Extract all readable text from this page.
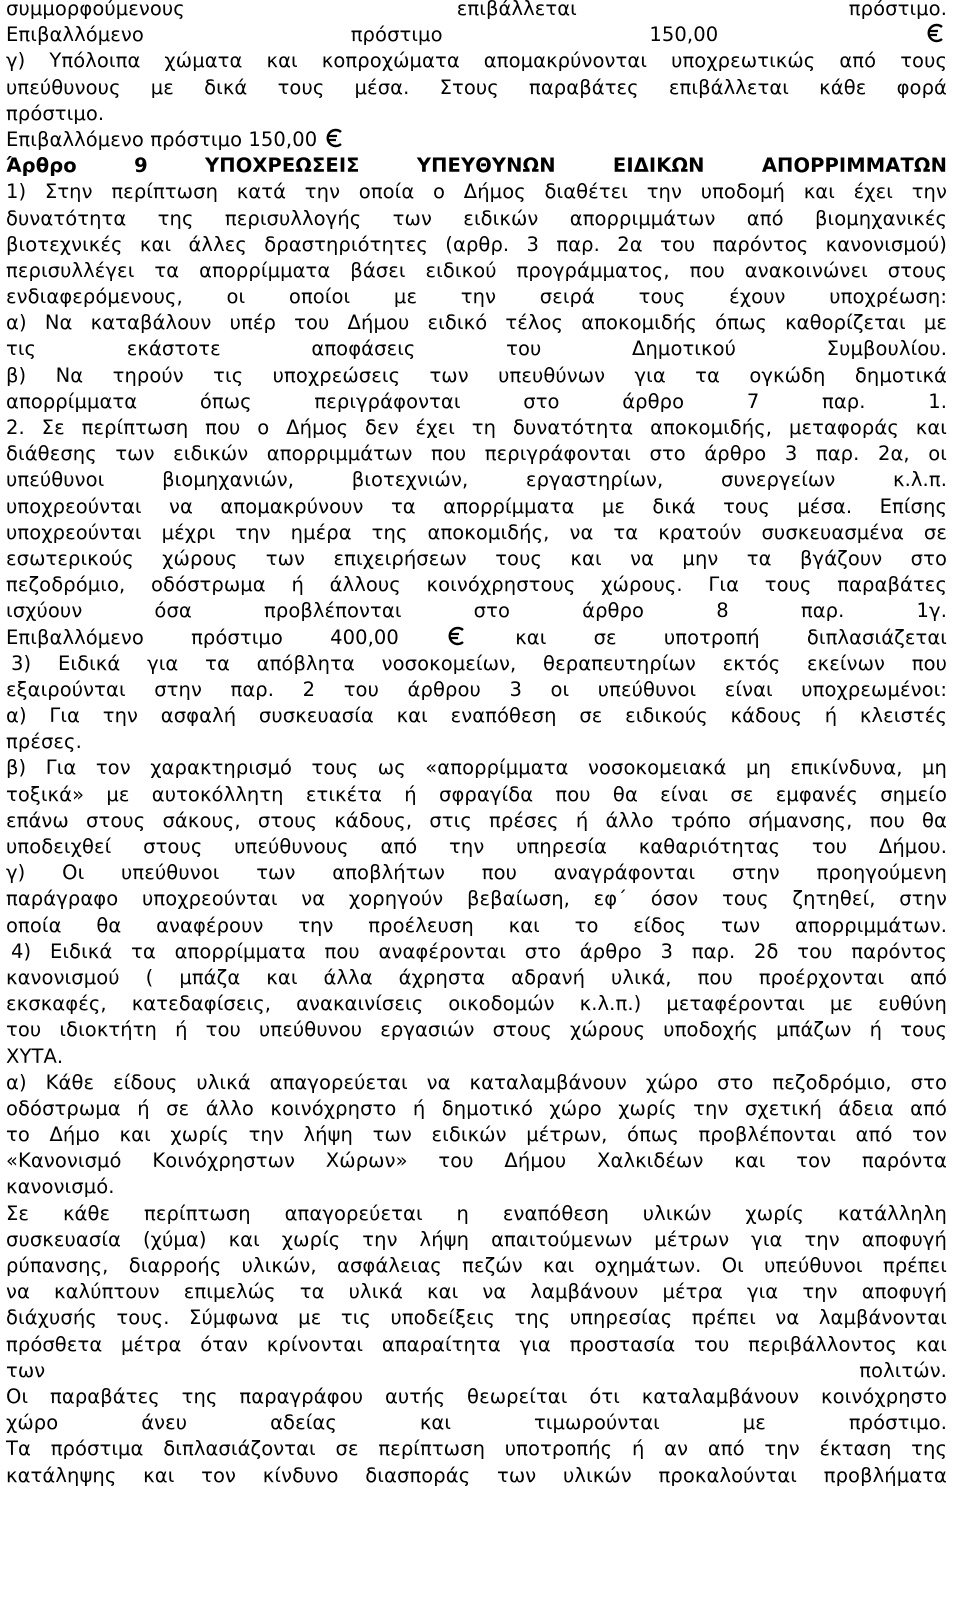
συμμορφούμενους επιβάλλεται πρόστιμο.
Επιβαλλόμενο πρόστιμο 150,00
γ) Υπόλοιπα χώματα και κοπροχώματα απομακρύνονται υποχρεωτικώς από τους
υπεύθυνους με δικά τους μέσα. Στους παραβάτες επιβάλλεται κάθε φορά
πρόστιμο.
Επιβαλλόμενο πρόστιμο 150,00
Άρθρο 9 ΥΠΟΧΡΕΩΣΕΙΣ ΥΠΕΥΘΥΝΩΝ ΕΙΔΙΚΩΝ ΑΠΟΡΡΙΜΜΑΤΩΝ
1) Στην περίπτωση κατά την οποία ο Δήμος διαθέτει την υποδομή και έχει την
δυνατότητα της περισυλλογής των ειδικών απορριμμάτων από βιομηχανικές
βιοτεχνικές και άλλες δραστηριότητες (αρθρ. 3 παρ. 2α του παρόντος κανονισμού)
περισυλλέγει τα απορρίμματα βάσει ειδικού προγράμματος, που ανακοινώνει στους
ενδιαφερόμενους, οι οποίοι με την σειρά τους έχουν υποχρέωση:
α) Να καταβάλουν υπέρ του Δήμου ειδικό τέλος αποκομιδής όπως καθορίζεται με
τις εκάστοτε αποφάσεις του Δημοτικού Συμβουλίου.
β) Να τηρούν τις υποχρεώσεις των υπευθύνων για τα ογκώδη δημοτικά
απορρίμματα όπως περιγράφονται στο άρθρο 7 παρ. 1.
2. Σε περίπτωση που ο Δήμος δεν έχει τη δυνατότητα αποκομιδής, μεταφοράς και
διάθεσης των ειδικών απορριμμάτων που περιγράφονται στο άρθρο 3 παρ. 2α, οι
υπεύθυνοι βιομηχανιών, βιοτεχνιών, εργαστηρίων, συνεργείων κ.λ.π.
υποχρεούνται να απομακρύνουν τα απορρίμματα με δικά τους μέσα. Επίσης
υποχρεούνται μέχρι την ημέρα της αποκομιδής, να τα κρατούν συσκευασμένα σε
εσωτερικούς χώρους των επιχειρήσεων τους και να μην τα βγάζουν στο
πεζοδρόμιο, οδόστρωμα ή άλλους κοινόχρηστους χώρους. Για τους παραβάτες
ισχύουν όσα προβλέπονται στο άρθρο 8 παρ. 1γ.
Επιβαλλόμενο πρόστιμο 400,00  και σε υποτροπή διπλασιάζεται
3) Ειδικά για τα απόβλητα νοσοκομείων, θεραπευτηρίων εκτός εκείνων που
εξαιρούνται στην παρ. 2 του άρθρου 3 οι υπεύθυνοι είναι υποχρεωμένοι:
α) Για την ασφαλή συσκευασία και εναπόθεση σε ειδικούς κάδους ή κλειστές
πρέσες.
β) Για τον χαρακτηρισμό τους ως «απορρίμματα νοσοκομειακά μη επικίνδυνα, μη
τοξικά» με αυτοκόλλητη ετικέτα ή σφραγίδα που θα είναι σε εμφανές σημείο
επάνω στους σάκους, στους κάδους, στις πρέσες ή άλλο τρόπο σήμανσης, που θα
υποδειχθεί στους υπεύθυνους από την υπηρεσία καθαριότητας του Δήμου.
γ) Οι υπεύθυνοι των αποβλήτων που αναγράφονται στην προηγούμενη
παράγραφο υποχρεούνται να χορηγούν βεβαίωση, εφ΄ όσον τους ζητηθεί, στην
οποία θα αναφέρουν την προέλευση και το είδος των απορριμμάτων.
4) Ειδικά τα απορρίμματα που αναφέρονται στο άρθρο 3 παρ. 2δ του παρόντος
κανονισμού ( μπάζα και άλλα άχρηστα αδρανή υλικά, που προέρχονται από
εκσκαφές, κατεδαφίσεις, ανακαινίσεις οικοδομών κ.λ.π.) μεταφέρονται με ευθύνη
του ιδιοκτήτη ή του υπεύθυνου εργασιών στους χώρους υποδοχής μπάζων ή τους
ΧΥΤΑ.
α) Κάθε είδους υλικά απαγορεύεται να καταλαμβάνουν χώρο στο πεζοδρόμιο, στο
οδόστρωμα ή σε άλλο κοινόχρηστο ή δημοτικό χώρο χωρίς την σχετική άδεια από
το Δήμο και χωρίς την λήψη των ειδικών μέτρων, όπως προβλέπονται από τον
«Κανονισμό Κοινόχρηστων Χώρων» του Δήμου Χαλκιδέων και τον παρόντα
κανονισμό.
Σε κάθε περίπτωση απαγορεύεται η εναπόθεση υλικών χωρίς κατάλληλη
συσκευασία (χύμα) και χωρίς την λήψη απαιτούμενων μέτρων για την αποφυγή
ρύπανσης, διαρροής υλικών, ασφάλειας πεζών και οχημάτων. Οι υπεύθυνοι πρέπει
να καλύπτουν επιμελώς τα υλικά και να λαμβάνουν μέτρα για την αποφυγή
διάχυσής τους. Σύμφωνα με τις υποδείξεις της υπηρεσίας πρέπει να λαμβάνονται
πρόσθετα μέτρα όταν κρίνονται απαραίτητα για προστασία του περιβάλλοντος και
των πολιτών.
Οι παραβάτες της παραγράφου αυτής θεωρείται ότι καταλαμβάνουν κοινόχρηστο
χώρο άνευ αδείας και τιμωρούνται με πρόστιμο.
Τα πρόστιμα διπλασιάζονται σε περίπτωση υποτροπής ή αν από την έκταση της
κατάληψης και τον κίνδυνο διασποράς των υλικών προκαλούνται προβλήματα
